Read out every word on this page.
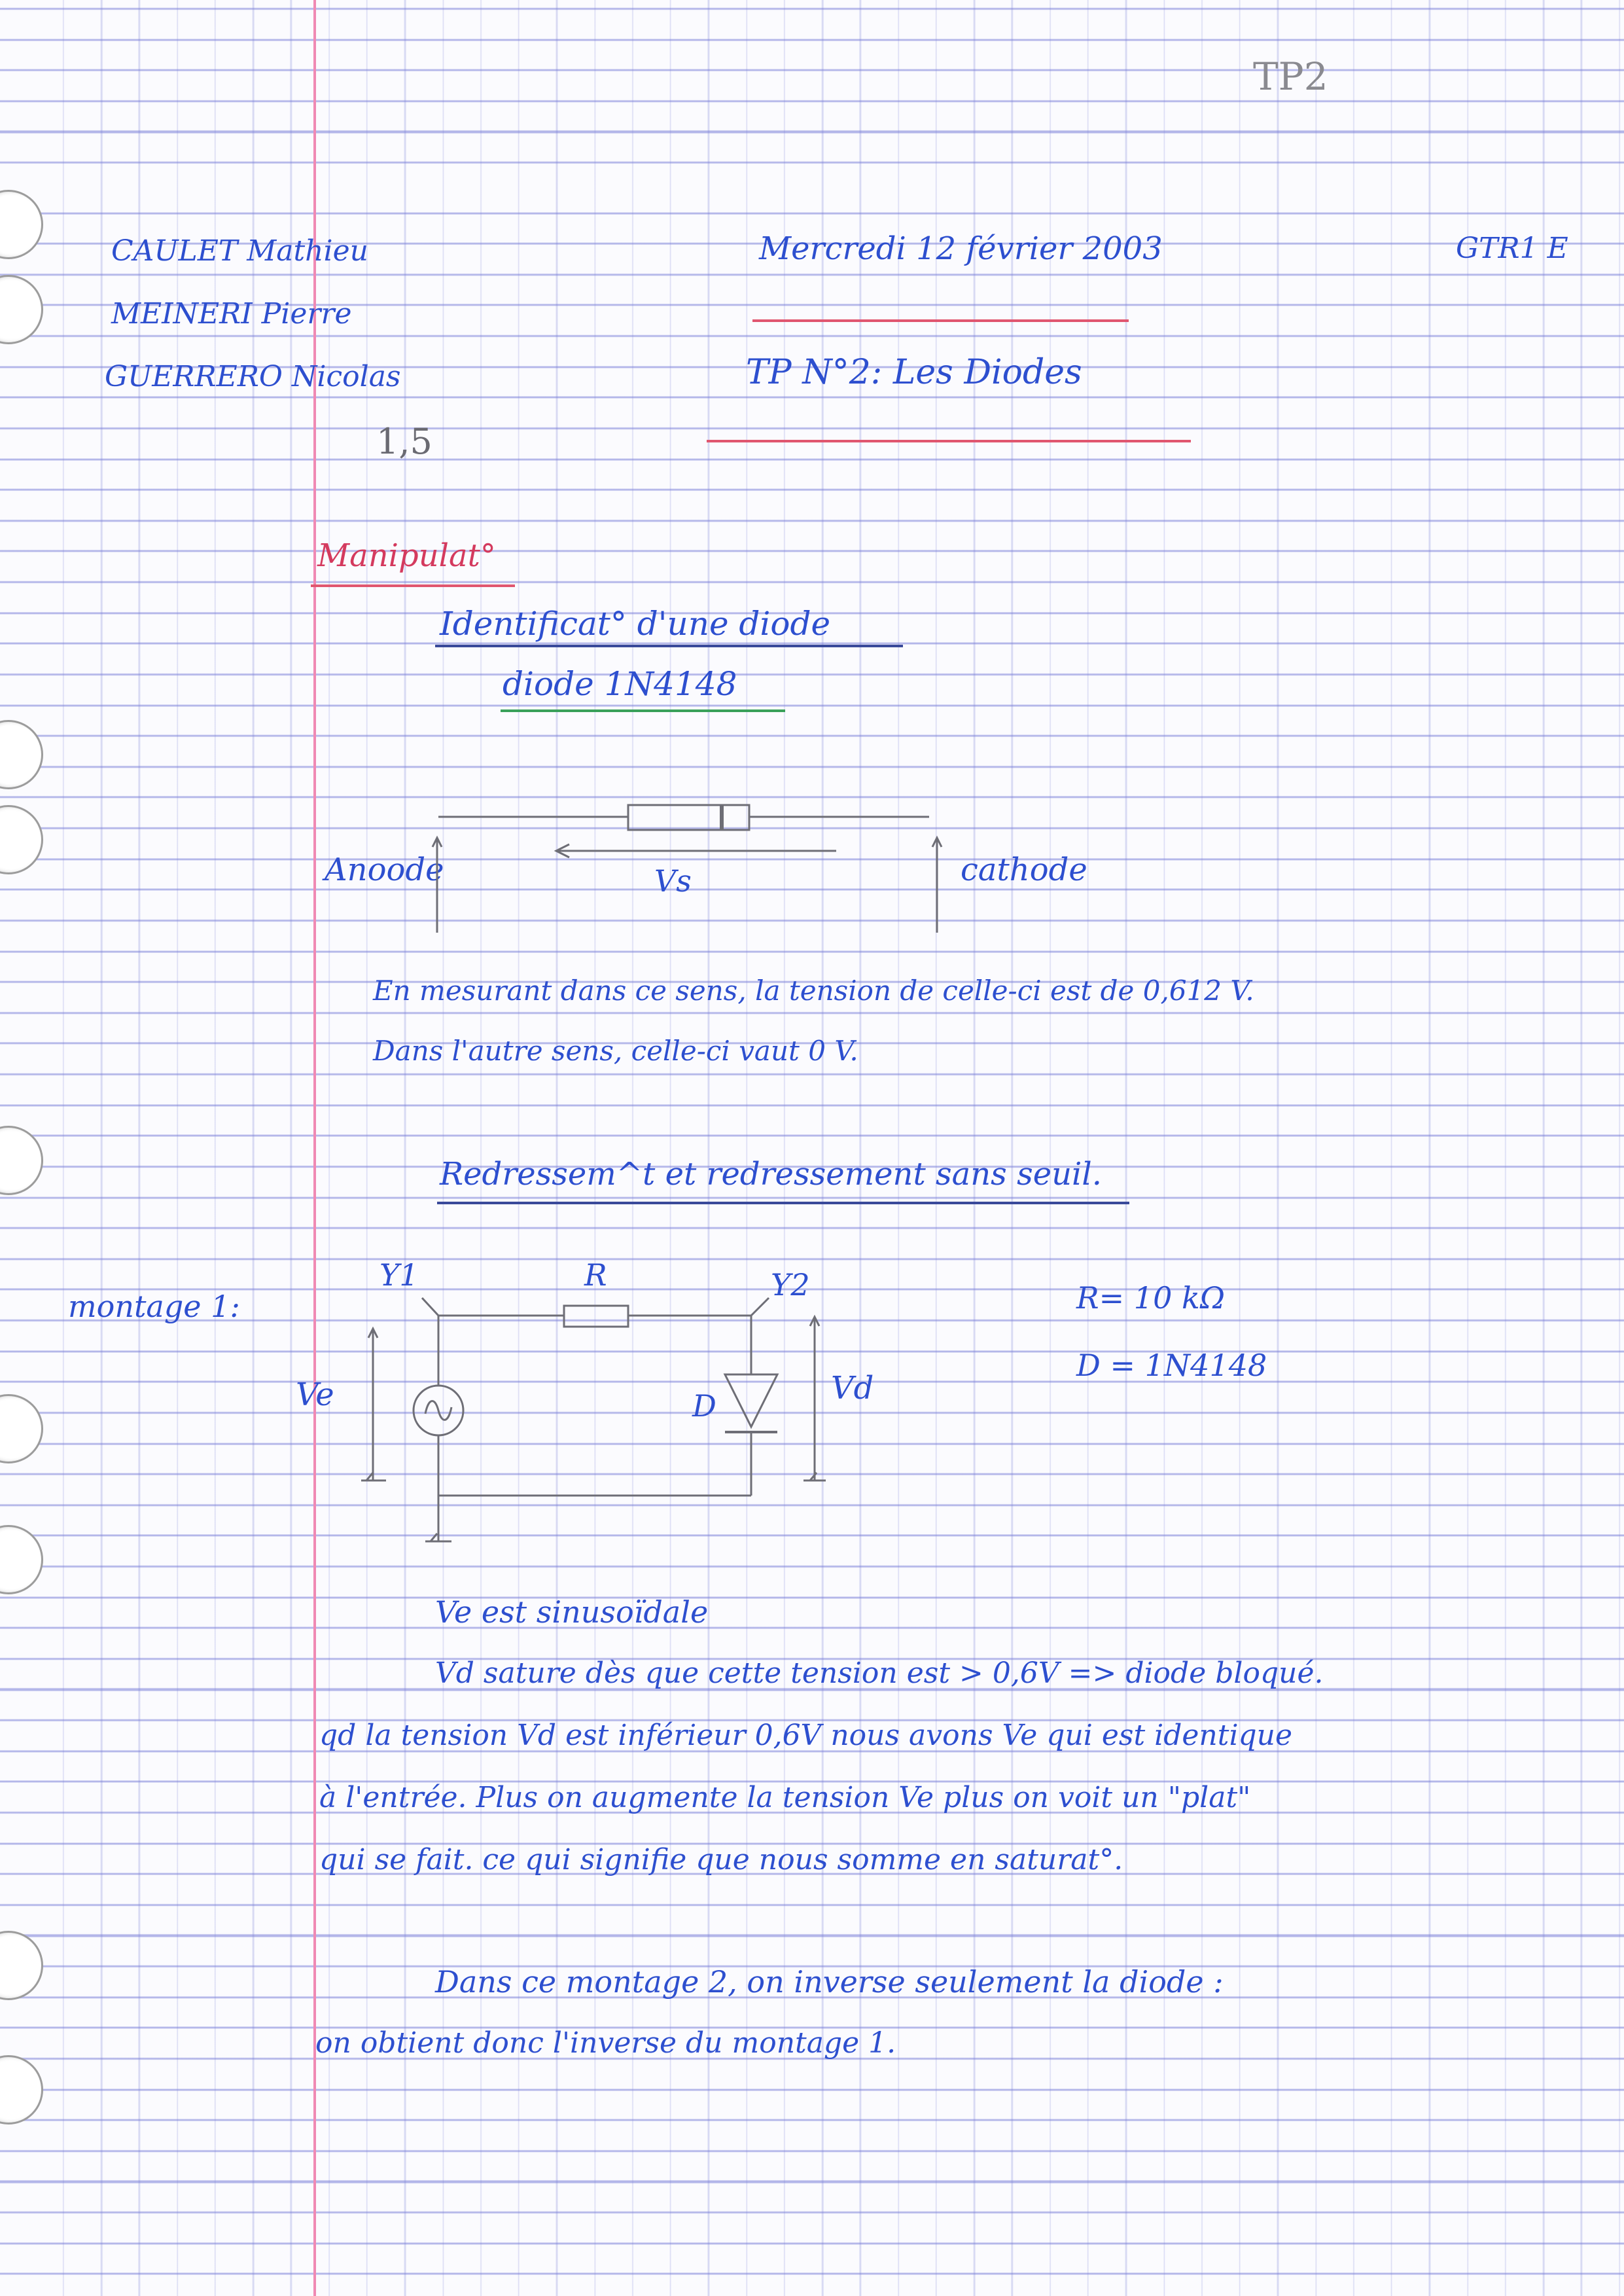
TP2
CAULET Mathieu
MEINERI Pierre
GUERRERO Nicolas
Mercredi 12 février 2003	GTR1 E
TP N°2: Les Diodes
1,5
Manipulat°
Identificat° d'une diode
diode 1N4148
Anoode	Vs	cathode
En mesurant dans ce sens, la tension de celle-ci est de 0,612 V.
Dans l'autre sens, celle-ci vaut 0 V.
Redressem^t et redressement sans seuil.
montage 1:
Y1	R	Y2
D
Ve	Vd
R= 10 kΩ
D = 1N4148
Ve est sinusoïdale
Vd sature dès que cette tension est > 0,6V => diode bloqué.
qd la tension Vd est inférieur 0,6V nous avons Ve qui est identique
à l'entrée. Plus on augmente la tension Ve plus on voit un "plat"
qui se fait. ce qui signifie que nous somme en saturat°.
Dans ce montage 2, on inverse seulement la diode :
on obtient donc l'inverse du montage 1.
